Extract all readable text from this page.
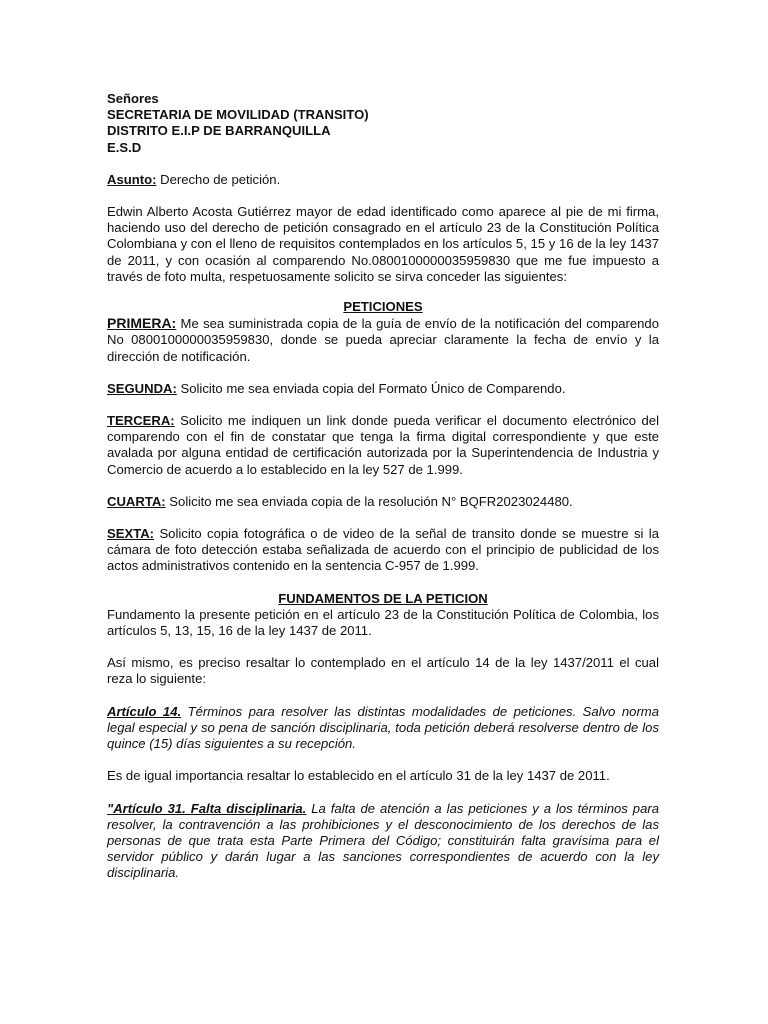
Señores

SECRETARIA DE MOVILIDAD (TRANSITO)

DISTRITO E.I.P DE BARRANQUILLA

E.S.D

Asunto: Derecho de petición.

Edwin Alberto Acosta Gutiérrez mayor de edad identificado como aparece al pie de mi firma, haciendo uso del derecho de petición consagrado en el artículo 23 de la Constitución Política Colombiana y con el lleno de requisitos contemplados en los artículos 5, 15 y 16 de la ley 1437 de 2011, y con ocasión al comparendo No.0800100000035959830 que me fue impuesto a través de foto multa, respetuosamente solicito se sirva conceder las siguientes:

PETICIONES

PRIMERA: Me sea suministrada copia de la guía de envío de la notificación del comparendo No 0800100000035959830, donde se pueda apreciar claramente la fecha de envío y la dirección de notificación.

SEGUNDA: Solicito me sea enviada copia del Formato Único de Comparendo.

TERCERA: Solicito me indiquen un link donde pueda verificar el documento electrónico del comparendo con el fin de constatar que tenga la firma digital correspondiente y que este avalada por alguna entidad de certificación autorizada por la Superintendencia de Industria y Comercio de acuerdo a lo establecido en la ley 527 de 1.999.

CUARTA: Solicito me sea enviada copia de la resolución N° BQFR2023024480.

SEXTA: Solicito copia fotográfica o de video de la señal de transito donde se muestre si la cámara de foto detección estaba señalizada de acuerdo con el principio de publicidad de los actos administrativos contenido en la sentencia C-957 de 1.999.

FUNDAMENTOS DE LA PETICION

Fundamento la presente petición en el artículo 23 de la Constitución Política de Colombia, los artículos 5, 13, 15, 16 de la ley 1437 de 2011.

Así mismo, es preciso resaltar lo contemplado en el artículo 14 de la ley 1437/2011 el cual reza lo siguiente:

Artículo 14. Términos para resolver las distintas modalidades de peticiones. Salvo norma legal especial y so pena de sanción disciplinaria, toda petición deberá resolverse dentro de los quince (15) días siguientes a su recepción.

Es de igual importancia resaltar lo establecido en el artículo 31 de la ley 1437 de 2011.

"Artículo 31. Falta disciplinaria. La falta de atención a las peticiones y a los términos para resolver, la contravención a las prohibiciones y el desconocimiento de los derechos de las personas de que trata esta Parte Primera del Código; constituirán falta gravísima para el servidor público y darán lugar a las sanciones correspondientes de acuerdo con la ley disciplinaria.
